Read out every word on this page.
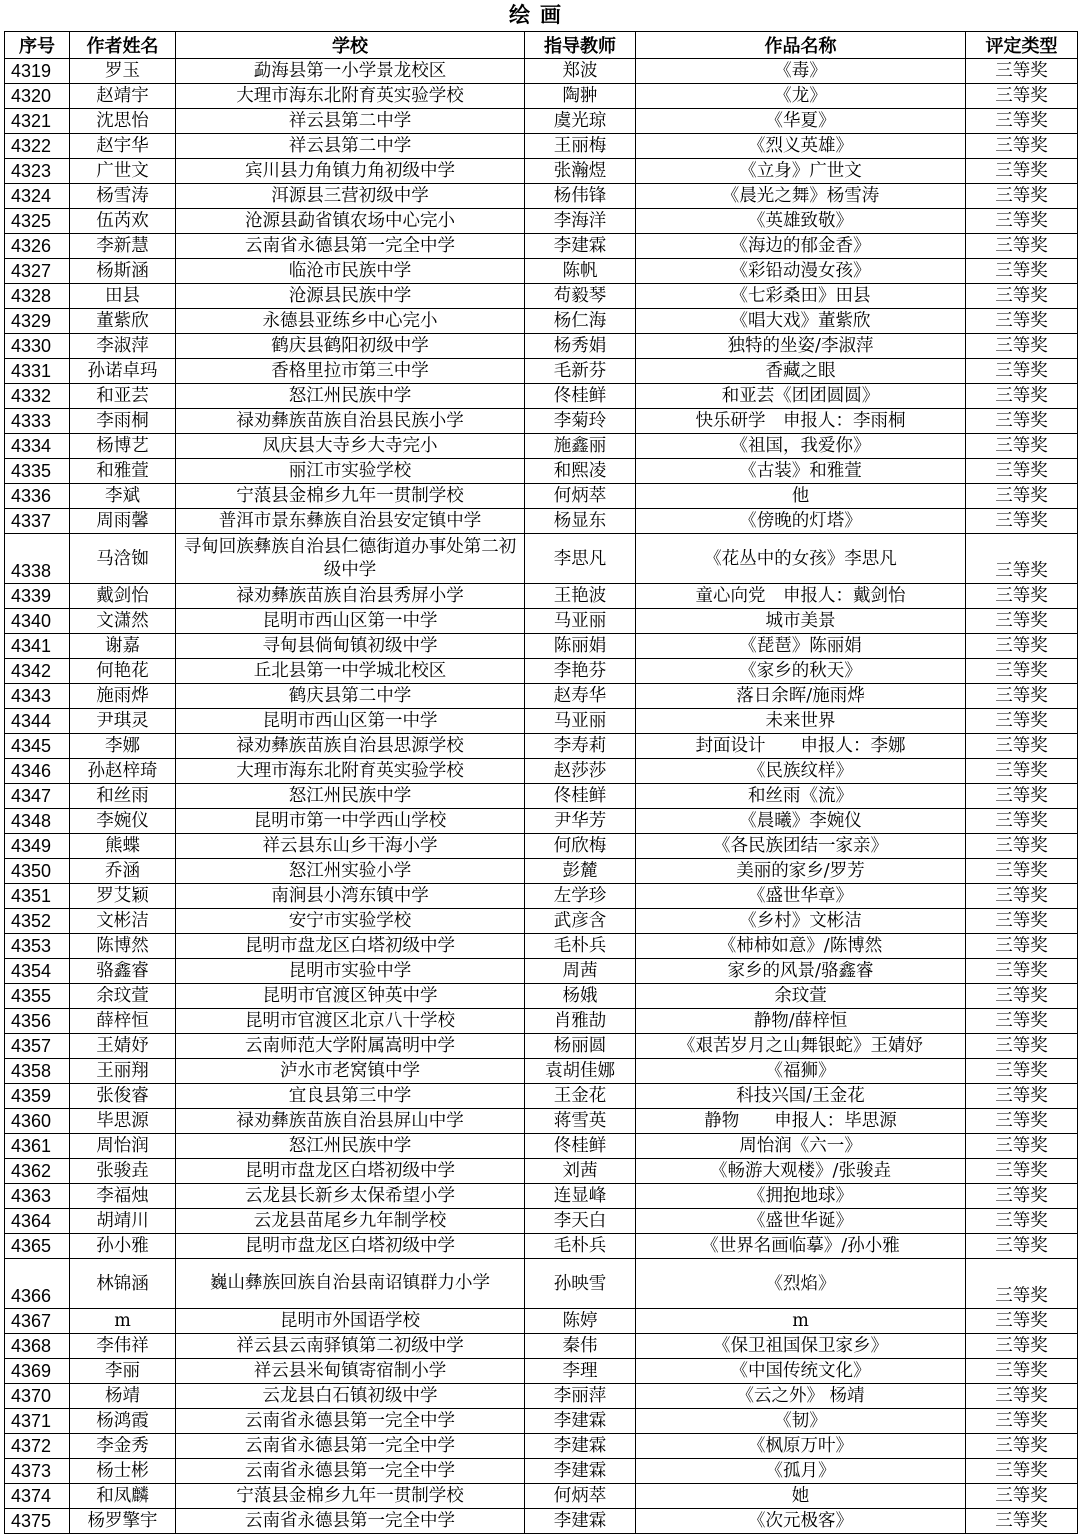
绘画
序号	作者姓名	学校	指导教师	作品名称	评定类型
4319	罗玉	勐海县第一小学景龙校区	郑波	《毒》	三等奖
4320	赵靖宇	大理市海东北附育英实验学校	陶翀	《龙》	三等奖
4321	沈思怡	祥云县第二中学	虞光琼	《华夏》	三等奖
4322	赵宇华	祥云县第二中学	王丽梅	《烈义英雄》	三等奖
4323	广世文	宾川县力角镇力角初级中学	张瀚煜	《立身》广世文	三等奖
4324	杨雪涛	洱源县三营初级中学	杨伟锋	《晨光之舞》杨雪涛	三等奖
4325	伍芮欢	沧源县勐省镇农场中心完小	李海洋	《英雄致敬》	三等奖
4326	李新慧	云南省永德县第一完全中学	李建霖	《海边的郁金香》	三等奖
4327	杨斯涵	临沧市民族中学	陈帆	《彩铅动漫女孩》	三等奖
4328	田县	沧源县民族中学	苟毅琴	《七彩桑田》田县	三等奖
4329	董紫欣	永德县亚练乡中心完小	杨仁海	《唱大戏》董紫欣	三等奖
4330	李淑萍	鹤庆县鹤阳初级中学	杨秀娟	独特的坐姿/李淑萍	三等奖
4331	孙诺卓玛	香格里拉市第三中学	毛新芬	香藏之眼	三等奖
4332	和亚芸	怒江州民族中学	佟桂鲜	和亚芸《团团圆圆》	三等奖
4333	李雨桐	禄劝彝族苗族自治县民族小学	李菊玲	快乐研学　申报人：李雨桐	三等奖
4334	杨博艺	凤庆县大寺乡大寺完小	施鑫丽	《祖国，我爱你》	三等奖
4335	和雅萱	丽江市实验学校	和熙凌	《古装》和雅萱	三等奖
4336	李斌	宁蒗县金棉乡九年一贯制学校	何炳萃	他	三等奖
4337	周雨馨	普洱市景东彝族自治县安定镇中学	杨显东	《傍晚的灯塔》	三等奖
4338	马浛铷	寻甸回族彝族自治县仁德街道办事处第二初级中学	李思凡	《花丛中的女孩》李思凡	三等奖
4339	戴剑怡	禄劝彝族苗族自治县秀屏小学	王艳波	童心向党　申报人：戴剑怡	三等奖
4340	文潇然	昆明市西山区第一中学	马亚丽	城市美景	三等奖
4341	谢嘉	寻甸县倘甸镇初级中学	陈丽娟	《琵琶》陈丽娟	三等奖
4342	何艳花	丘北县第一中学城北校区	李艳芬	《家乡的秋天》	三等奖
4343	施雨烨	鹤庆县第二中学	赵寿华	落日余晖/施雨烨	三等奖
4344	尹琪灵	昆明市西山区第一中学	马亚丽	未来世界	三等奖
4345	李娜	禄劝彝族苗族自治县思源学校	李寿莉	封面设计　　申报人：李娜	三等奖
4346	孙赵梓琦	大理市海东北附育英实验学校	赵莎莎	《民族纹样》	三等奖
4347	和丝雨	怒江州民族中学	佟桂鲜	和丝雨《流》	三等奖
4348	李婉仪	昆明市第一中学西山学校	尹华芳	《晨曦》李婉仪	三等奖
4349	熊蝶	祥云县东山乡干海小学	何欣梅	《各民族团结一家亲》	三等奖
4350	乔涵	怒江州实验小学	彭麓	美丽的家乡/罗芳	三等奖
4351	罗艾颖	南涧县小湾东镇中学	左学珍	《盛世华章》	三等奖
4352	文彬洁	安宁市实验学校	武彦含	《乡村》文彬洁	三等奖
4353	陈博然	昆明市盘龙区白塔初级中学	毛朴兵	《柿柿如意》/陈博然	三等奖
4354	骆鑫睿	昆明市实验中学	周茜	家乡的风景/骆鑫睿	三等奖
4355	余玟萱	昆明市官渡区钟英中学	杨娥	余玟萱	三等奖
4356	薛梓恒	昆明市官渡区北京八十学校	肖雅劼	静物/薛梓恒	三等奖
4357	王婧妤	云南师范大学附属嵩明中学	杨丽圆	《艰苦岁月之山舞银蛇》王婧妤	三等奖
4358	王丽翔	泸水市老窝镇中学	袁胡佳娜	《福狮》	三等奖
4359	张俊睿	宜良县第三中学	王金花	科技兴国/王金花	三等奖
4360	毕思源	禄劝彝族苗族自治县屏山中学	蒋雪英	静物　　申报人：毕思源	三等奖
4361	周怡润	怒江州民族中学	佟桂鲜	周怡润《六一》	三等奖
4362	张骏垚	昆明市盘龙区白塔初级中学	刘茜	《畅游大观楼》/张骏垚	三等奖
4363	李福烛	云龙县长新乡太保希望小学	连显峰	《拥抱地球》	三等奖
4364	胡靖川	云龙县苗尾乡九年制学校	李天白	《盛世华诞》	三等奖
4365	孙小雅	昆明市盘龙区白塔初级中学	毛朴兵	《世界名画临摹》/孙小雅	三等奖
4366	林锦涵	巍山彝族回族自治县南诏镇群力小学	孙映雪	《烈焰》	三等奖
4367	m	昆明市外国语学校	陈婷	m	三等奖
4368	李伟祥	祥云县云南驿镇第二初级中学	秦伟	《保卫祖国保卫家乡》	三等奖
4369	李丽	祥云县米甸镇寄宿制小学	李理	《中国传统文化》	三等奖
4370	杨靖	云龙县白石镇初级中学	李丽萍	《云之外》 杨靖	三等奖
4371	杨鸿霞	云南省永德县第一完全中学	李建霖	《韧》	三等奖
4372	李金秀	云南省永德县第一完全中学	李建霖	《枫原万叶》	三等奖
4373	杨士彬	云南省永德县第一完全中学	李建霖	《孤月》	三等奖
4374	和凤麟	宁蒗县金棉乡九年一贯制学校	何炳萃	她	三等奖
4375	杨罗擎宇	云南省永德县第一完全中学	李建霖	《次元极客》	三等奖
